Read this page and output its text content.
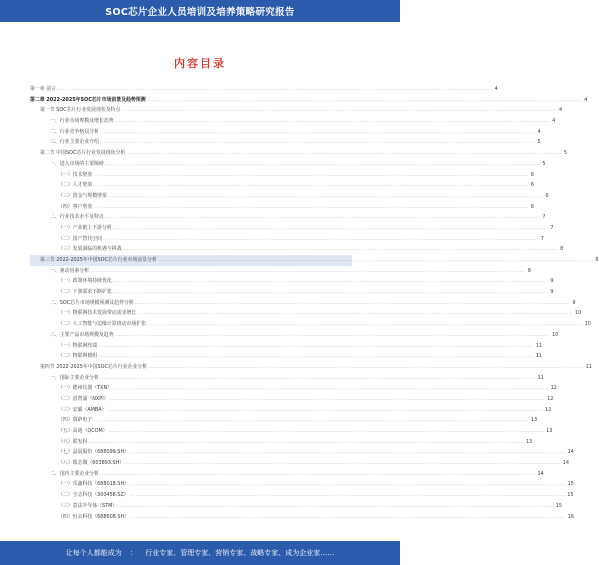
SOC芯片企业人员培训及培养策略研究报告
内容目录
第一章 前言 .....	4
第二章 2022-2025年SOC芯片市场前景及趋势预测 .....	4
第一节 SOC芯片行业发展现状及特点 .....	4
一、行业市场规模及增长态势 .....	4
二、行业竞争格局分析 .....	4
三、行业主要企业介绍 .....	5
第二节 中国SOC芯片行业发展现状分析 .....	5
一、进入市场的主要障碍 .....	5
（一）技术壁垒 .....	6
（二）人才壁垒 .....	6
（三）资金与规模壁垒 .....	6
（四）客户壁垒 .....	6
二、行业技术水平及特点 .....	7
（一）产业链上下游分析 .....	7
（二）国产替代空间 .....	7
（三）发展面临的机遇与挑战 .....	8
第三节 2022-2025年中国SOC芯片行业市场前景分析 .....	8
一、驱动因素分析 .....	8
（一）政策环境持续优化 .....	9
（二）下游需求不断扩张 .....	9
二、SOC芯片市场规模预测及趋势分析 .....	9
（一）物联网技术发展带动需求增长 .....	10
（二）人工智能与边缘计算推动市场扩张 .....	10
三、主要产品市场规模及趋势 .....	10
（一）物联网终端 .....	11
（二）物联网模组 .....	11
第四节 2022-2025年中国SOC芯片行业企业分析 .....	11
一、国际主要企业分析 .....	11
（一）德州仪器（TXN） .....	12
（二）恩智浦（NXPI） .....	12
（三）安霸（AMBA） .....	12
（四）瑞萨电子 .....	13
（五）高通（QCOM） .....	13
（六）联发科 .....	13
（七）晶晨股份（688099.SH） .....	14
（八）瑞芯微（603893.SH） .....	14
二、国内主要企业分析 .....	14
（一）乐鑫科技（688018.SH） .....	15
（二）全志科技（300458.SZ） .....	15
（三）意法半导体（STM） .....	15
（四）恒玄科技（688608.SH） .....	16
让每个人都能成为 ： 行业专家、管理专家、营销专家、战略专家、成为企业家……
